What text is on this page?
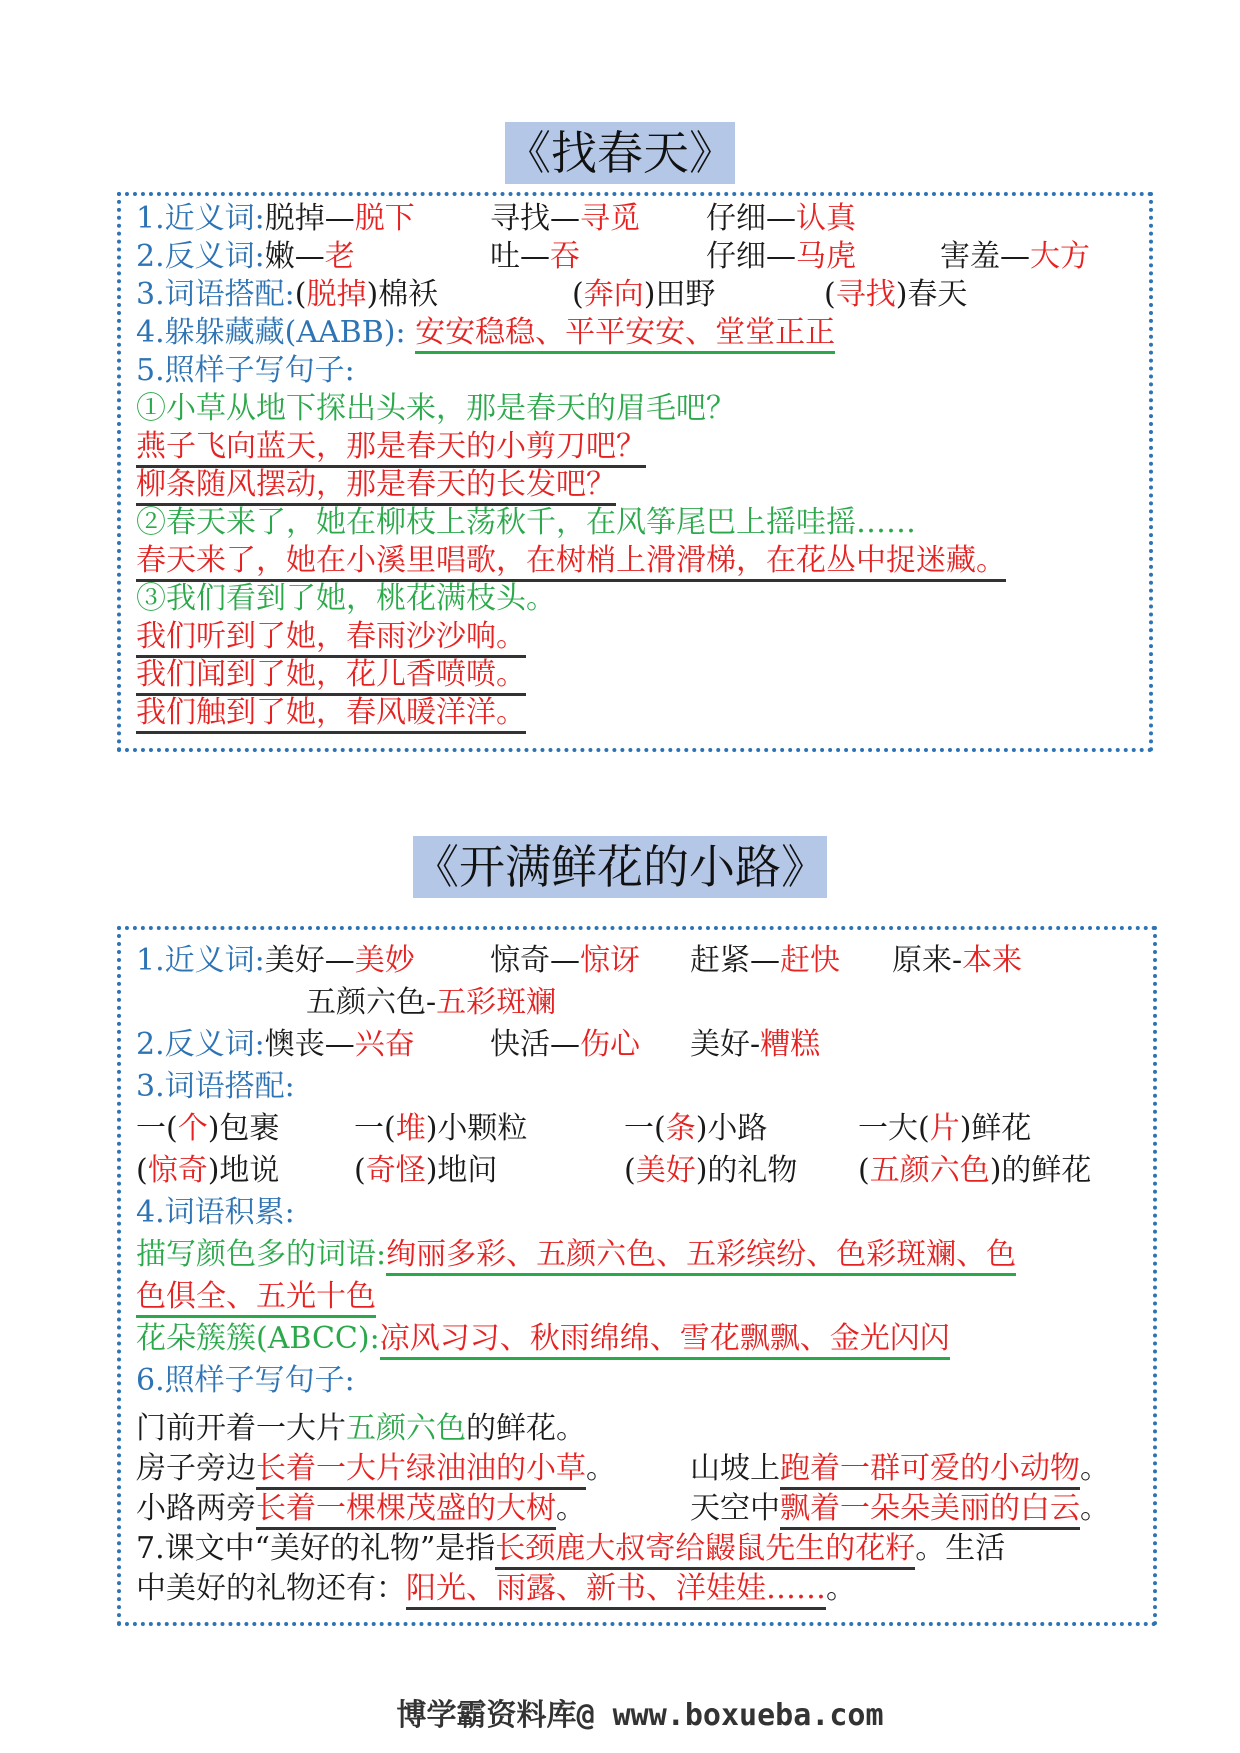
《找春天》
1.近义词:脱掉—脱下	寻找—寻觅 仔细—认真
2.反义词:嫩—老	吐—吞	仔细—马虎	害羞—大方
3.词语搭配:(脱掉)棉袄	(奔向)田野	(寻找)春天
4.躲躲藏藏(AABB): 安安稳稳、平平安安、堂堂正正
5.照样子写句子:
①小草从地下探出头来，那是春天的眉毛吧？
燕子飞向蓝天，那是春天的小剪刀吧？
柳条随风摆动，那是春天的长发吧？
②春天来了，她在柳枝上荡秋千，在风筝尾巴上摇哇摇……
春天来了，她在小溪里唱歌，在树梢上滑滑梯，在花丛中捉迷藏。
③我们看到了她，桃花满枝头。
我们听到了她，春雨沙沙响。
我们闻到了她，花儿香喷喷。
我们触到了她，春风暖洋洋。
《开满鲜花的小路》
1.近义词:美好—美妙	惊奇—惊讶 赶紧—赶快 原来-本来
五颜六色-五彩斑斓
2.反义词:懊丧—兴奋	快活—伤心 美好-糟糕
3.词语搭配:
一(个)包裹 一(堆)小颗粒	一(条)小路	一大(片)鲜花
(惊奇)地说 (奇怪)地问	(美好)的礼物 (五颜六色)的鲜花
4.词语积累:
描写颜色多的词语:绚丽多彩、五颜六色、五彩缤纷、色彩斑斓、色
色俱全、五光十色
花朵簇簇(ABCC):凉风习习、秋雨绵绵、雪花飘飘、金光闪闪
6.照样子写句子:
门前开着一大片五颜六色的鲜花。
房子旁边长着一大片绿油油的小草。 山坡上跑着一群可爱的小动物。
小路两旁长着一棵棵茂盛的大树。	天空中飘着一朵朵美丽的白云。
7.课文中“美好的礼物”是指长颈鹿大叔寄给鼹鼠先生的花籽。生活
中美好的礼物还有：阳光、雨露、新书、洋娃娃……。
博学霸资料库@ www.boxueba.com
